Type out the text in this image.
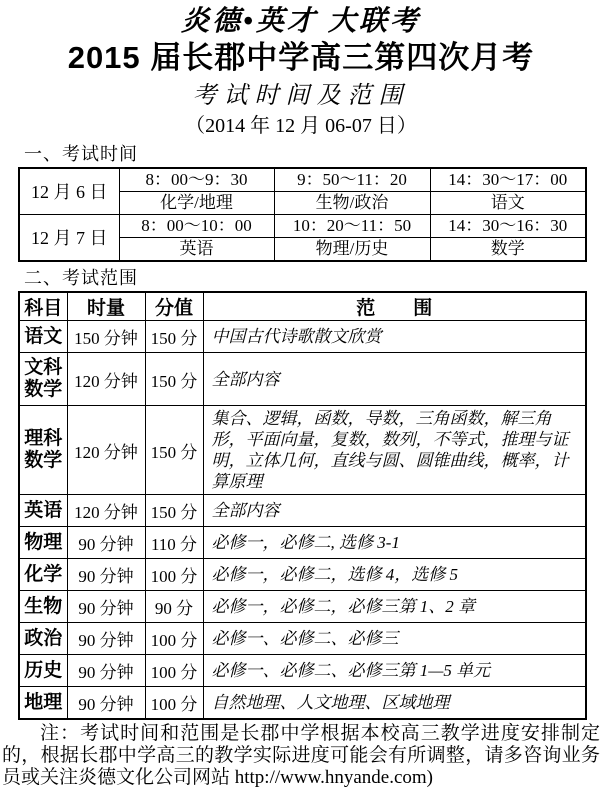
炎德•英才 大联考
2015 届长郡中学高三第四次月考
考试时间及范围
（2014 年 12 月 06-07 日）
一、考试时间
12 月 6 日	8：00～9：30	9：50～11：20	14：30～17：00
	化学/地理	生物/政治	语文
12 月 7 日	8：00～10：00	10：20～11：50	14：30～16：30
	英语	物理/历史	数学
二、考试范围
科目	时量	分值	范　　围
语文	150 分钟	150 分	中国古代诗歌散文欣赏
文科数学	120 分钟	150 分	全部内容
理科数学	120 分钟	150 分	集合、逻辑，函数，导数，三角函数，解三角形，平面向量，复数，数列，不等式，推理与证明，立体几何，直线与圆、圆锥曲线，概率，计算原理
英语	120 分钟	150 分	全部内容
物理	90 分钟	110 分	必修一，必修二, 选修 3-1
化学	90 分钟	100 分	必修一，必修二，选修 4，选修 5
生物	90 分钟	90 分	必修一，必修二，必修三第 1、2 章
政治	90 分钟	100 分	必修一、必修二、必修三
历史	90 分钟	100 分	必修一、必修二、必修三第 1—5 单元
地理	90 分钟	100 分	自然地理、人文地理、区域地理

注：考试时间和范围是长郡中学根据本校高三教学进度安排制定的，根据长郡中学高三的教学实际进度可能会有所调整，请多咨询业务员或关注炎德文化公司网站 http://www.hnyande.com)
